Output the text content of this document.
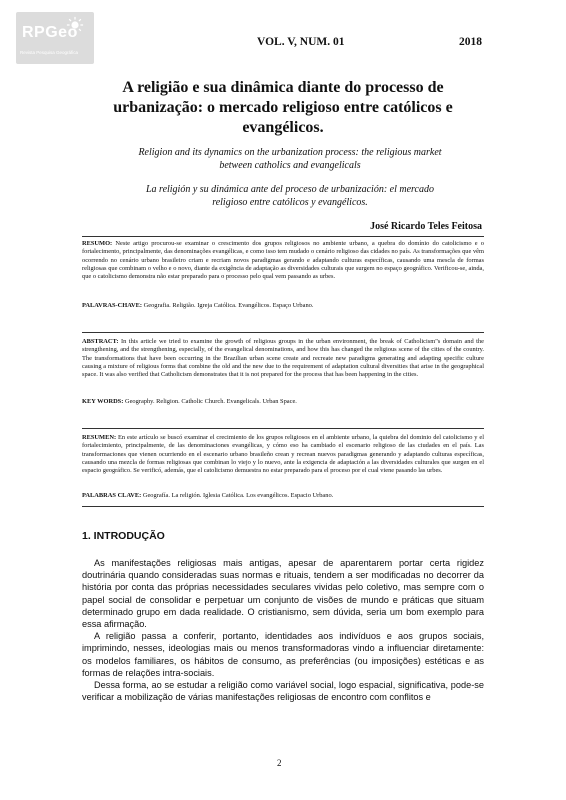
RPGeo
Revista Pesquisa Geográfica
VOL. V, NUM. 01	2018
A religião e sua dinâmica diante do processo de urbanização: o mercado religioso entre católicos e evangélicos.
Religion and its dynamics on the urbanization process: the religious market between catholics and evangelicals
La religión y su dinámica ante del proceso de urbanización: el mercado religioso entre católicos y evangélicos.
José Ricardo Teles Feitosa
RESUMO: Neste artigo procurou-se examinar o crescimento dos grupos religiosos no ambiente urbano, a quebra do domínio do catolicismo e o fortalecimento, principalmente, das denominações evangélicas, e como isso tem mudado o cenário religioso das cidades no país. As transformações que vêm ocorrendo no cenário urbano brasileiro criam e recriam novos paradigmas gerando e adaptando culturas específicas, causando uma mescla de formas religiosas que combinam o velho e o novo, diante da exigência de adaptação as diversidades culturais que surgem no espaço geográfico. Verificou-se, ainda, que o catolicismo demonstra não estar preparado para o processo pelo qual vem passando as urbes.
PALAVRAS-CHAVE: Geografia. Religião. Igreja Católica. Evangélicos. Espaço Urbano.
ABSTRACT: In this article we tried to examine the growth of religious groups in the urban environment, the break of Catholicism"s domain and the strengthening, and the strengthening, especially, of the evangelical denominations, and how this has changed the religious scene of the cities of the country. The transformations that have been occurring in the Brazilian urban scene create and recreate new paradigms generating and adapting specific culture causing a mixture of religious forms that combine the old and the new due to the requirement of adaptation cultural diversities that arise in the geographical space. It was also verified that Catholicism demonstrates that it is not prepared for the process that has been happening in the cities.
KEY WORDS: Geography. Religion. Catholic Church. Evangelicals. Urban Space.
RESUMEN: En este artículo se buscó examinar el crecimiento de los grupos religiosos en el ambiente urbano, la quiebra del dominio del catolicismo y el fortalecimiento, principalmente, de las denominaciones evangélicas, y cómo eso ha cambiado el escenario religioso de las ciudades en el país. Las transformaciones que vienen ocurriendo en el escenario urbano brasileño crean y recrean nuevos paradigmas generando y adaptando culturas específicas, causando una mezcla de formas religiosas que combinan lo viejo y lo nuevo, ante la exigencia de adaptación a las diversidades culturales que surgen en el espacio geográfico. Se verificó, además, que el catolicismo demuestra no estar preparado para el proceso por el cual viene pasando las urbes.
PALABRAS CLAVE: Geografía. La religión. Iglesia Católica. Los evangélicos. Espacio Urbano.
1. INTRODUÇÃO

As manifestações religiosas mais antigas, apesar de aparentarem portar certa rigidez doutrinária quando consideradas suas normas e rituais, tendem a ser modificadas no decorrer da história por conta das próprias necessidades seculares vividas pelo coletivo, mas sempre com o papel social de consolidar e perpetuar um conjunto de visões de mundo e práticas que situam determinado grupo em dada realidade. O cristianismo, sem dúvida, seria um bom exemplo para essa afirmação.

A religião passa a conferir, portanto, identidades aos indivíduos e aos grupos sociais, imprimindo, nesses, ideologias mais ou menos transformadoras vindo a influenciar diretamente: os modelos familiares, os hábitos de consumo, as preferências (ou imposições) estéticas e as formas de relações intra-sociais.

Dessa forma, ao se estudar a religião como variável social, logo espacial, significativa, pode-se verificar a mobilização de várias manifestações religiosas de encontro com conflitos e

2
